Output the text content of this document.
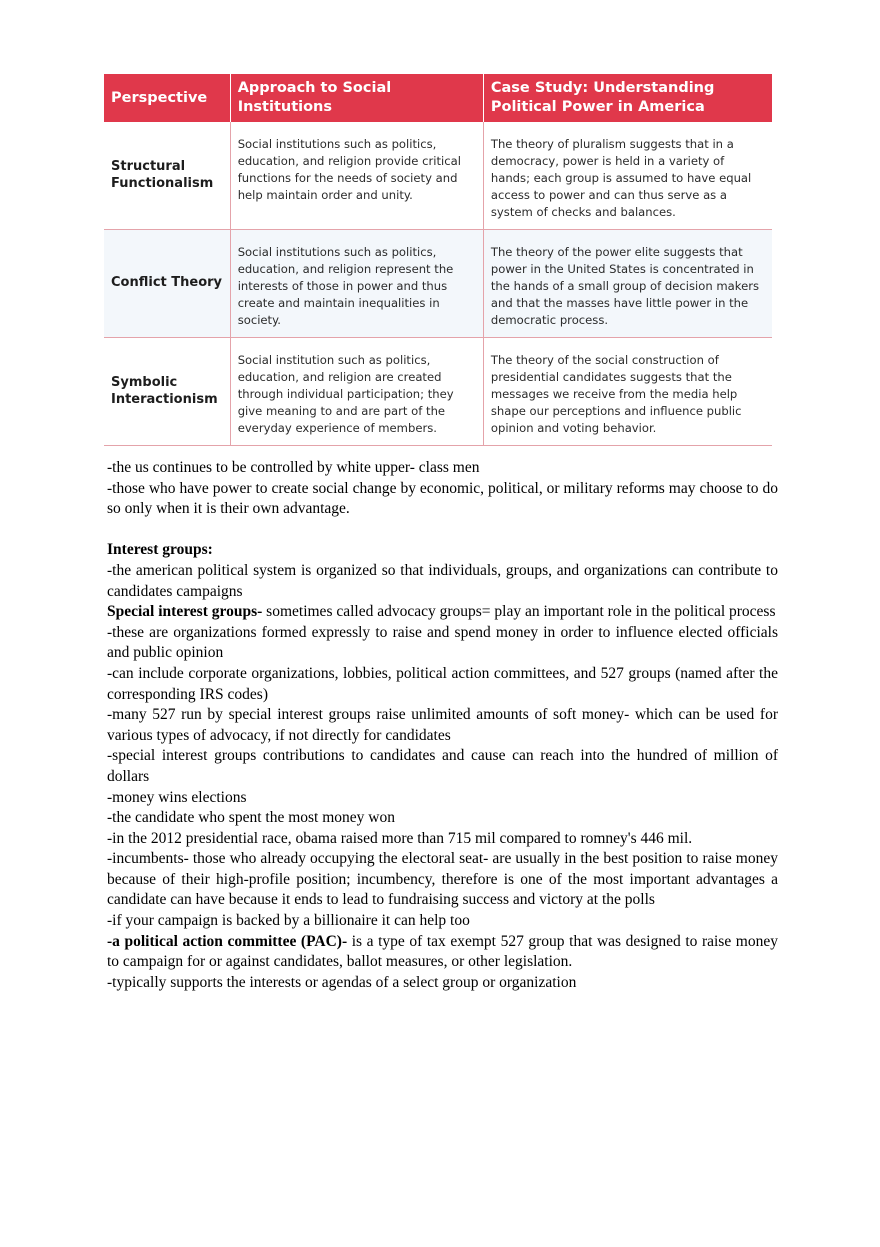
Perspective	Approach to Social Institutions	Case Study: Understanding Political Power in America
Structural Functionalism	Social institutions such as politics, education, and religion provide critical functions for the needs of society and help maintain order and unity.	The theory of pluralism suggests that in a democracy, power is held in a variety of hands; each group is assumed to have equal access to power and can thus serve as a system of checks and balances.
Conflict Theory	Social institutions such as politics, education, and religion represent the interests of those in power and thus create and maintain inequalities in society.	The theory of the power elite suggests that power in the United States is concentrated in the hands of a small group of decision makers and that the masses have little power in the democratic process.
Symbolic Interactionism	Social institution such as politics, education, and religion are created through individual participation; they give meaning to and are part of the everyday experience of members.	The theory of the social construction of presidential candidates suggests that the messages we receive from the media help shape our perceptions and influence public opinion and voting behavior.

-the us continues to be controlled by white upper- class men

-those who have power to create social change by economic, political, or military reforms may choose to do so only when it is their own advantage.

Interest groups:

-the american political system is organized so that individuals, groups, and organizations can contribute to candidates campaigns

Special interest groups- sometimes called advocacy groups= play an important role in the political process

-these are organizations formed expressly to raise and spend money in order to influence elected officials and public opinion

-can include corporate organizations, lobbies, political action committees, and 527 groups (named after the corresponding IRS codes)

-many 527 run by special interest groups raise unlimited amounts of soft money- which can be used for various types of advocacy, if not directly for candidates

-special interest groups contributions to candidates and cause can reach into the hundred of million of dollars

-money wins elections

-the candidate who spent the most money won

-in the 2012 presidential race, obama raised more than 715 mil compared to romney's 446 mil.

-incumbents- those who already occupying the electoral seat- are usually in the best position to raise money because of their high-profile position; incumbency, therefore is one of the most important advantages a candidate can have because it ends to lead to fundraising success and victory at the polls

-if your campaign is backed by a billionaire it can help too

-a political action committee (PAC)- is a type of tax exempt 527 group that was designed to raise money to campaign for or against candidates, ballot measures, or other legislation.

-typically supports the interests or agendas of a select group or organization
